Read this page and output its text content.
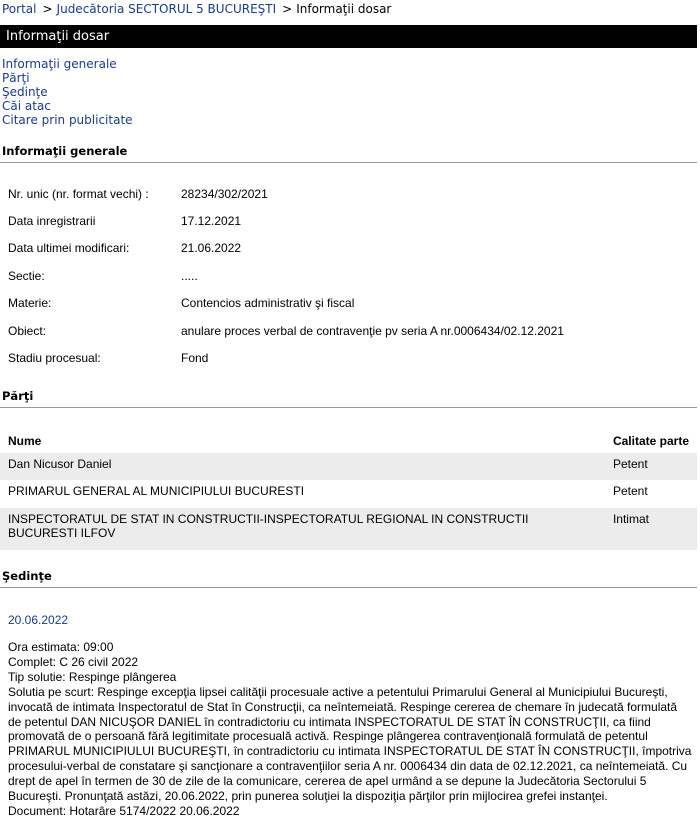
Portal > Judecătoria SECTORUL 5 BUCUREŞTI > Informaţii dosar
Informaţii dosar
Informaţii generale
Părţi
Şedinţe
Căi atac
Citare prin publicitate
Informaţii generale
Nr. unic (nr. format vechi) :	28234/302/2021
Data inregistrarii	17.12.2021
Data ultimei modificari:	21.06.2022
Sectie:	.....
Materie:	Contencios administrativ şi fiscal
Obiect:	anulare proces verbal de contravenţie pv seria A nr.0006434/02.12.2021
Stadiu procesual:	Fond
Părţi
Nume	Calitate parte
Dan Nicusor Daniel	Petent
PRIMARUL GENERAL AL MUNICIPIULUI BUCURESTI	Petent
INSPECTORATUL DE STAT IN CONSTRUCTII-INSPECTORATUL REGIONAL IN CONSTRUCTII BUCURESTI ILFOV	Intimat
Şedinţe
20.06.2022
Ora estimata: 09:00
Complet: C 26 civil 2022
Tip solutie: Respinge plângerea
Solutia pe scurt: Respinge excepţia lipsei calităţii procesuale active a petentului Primarului General al Municipiului Bucureşti, invocată de intimata Inspectoratul de Stat în Construcţii, ca neîntemeiată. Respinge cererea de chemare în judecată formulată de petentul DAN NICUŞOR DANIEL în contradictoriu cu intimata INSPECTORATUL DE STAT ÎN CONSTRUCŢII, ca fiind promovată de o persoană fără legitimitate procesuală activă. Respinge plângerea contravenţională formulată de petentul PRIMARUL MUNICIPIULUI BUCUREŞTI, în contradictoriu cu intimata INSPECTORATUL DE STAT ÎN CONSTRUCŢII, împotriva procesului-verbal de constatare şi sancţionare a contravenţiilor seria A nr. 0006434 din data de 02.12.2021, ca neîntemeiată. Cu drept de apel în termen de 30 de zile de la comunicare, cererea de apel urmând a se depune la Judecătoria Sectorului 5 Bucureşti. Pronunţată astăzi, 20.06.2022, prin punerea soluţiei la dispoziţia părţilor prin mijlocirea grefei instanţei.
Document: Hotarâre 5174/2022 20.06.2022
